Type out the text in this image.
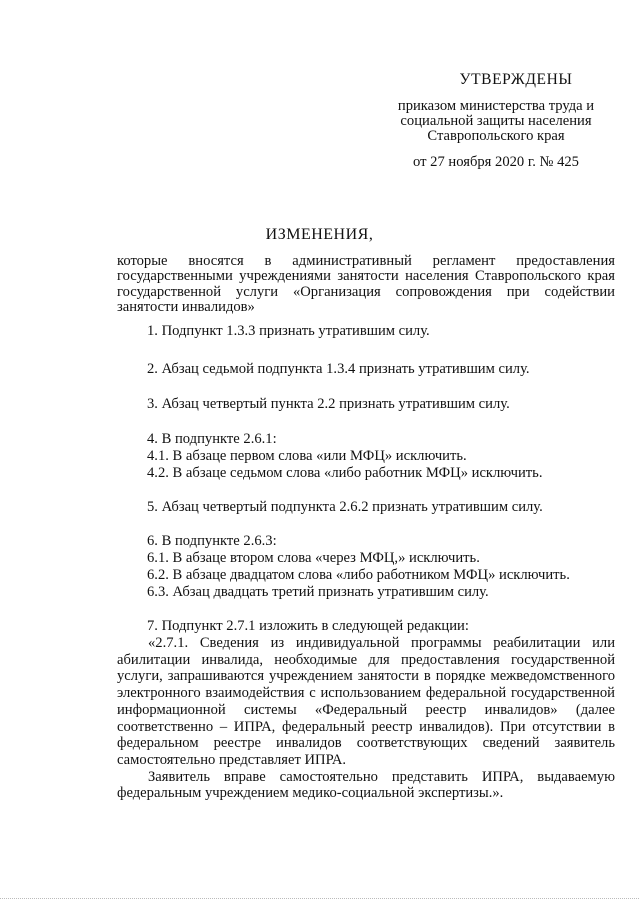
УТВЕРЖДЕНЫ
приказом министерства труда и
социальной защиты населения
Ставропольского края
от 27 ноября 2020 г. № 425
ИЗМЕНЕНИЯ,
которые вносятся в административный регламент предоставления государственными учреждениями занятости населения Ставропольского края государственной услуги «Организация сопровождения при содействии занятости инвалидов»
1. Подпункт 1.3.3 признать утратившим силу.
2. Абзац седьмой подпункта 1.3.4 признать утратившим силу.
3. Абзац четвертый пункта 2.2 признать утратившим силу.
4. В подпункте 2.6.1:
4.1. В абзаце первом слова «или МФЦ» исключить.
4.2. В абзаце седьмом слова «либо работник МФЦ» исключить.
5. Абзац четвертый подпункта 2.6.2 признать утратившим силу.
6. В подпункте 2.6.3:
6.1. В абзаце втором слова «через МФЦ,» исключить.
6.2. В абзаце двадцатом слова «либо работником МФЦ» исключить.
6.3. Абзац двадцать третий признать утратившим силу.
7. Подпункт 2.7.1 изложить в следующей редакции:

«2.7.1. Сведения из индивидуальной программы реабилитации или абилитации инвалида, необходимые для предоставления государственной услуги, запрашиваются учреждением занятости в порядке межведомственного электронного взаимодействия с использованием федеральной государственной информационной системы «Федеральный реестр инвалидов» (далее соответственно – ИПРА, федеральный реестр инвалидов). При отсутствии в федеральном реестре инвалидов соответствующих сведений заявитель самостоятельно представляет ИПРА.

Заявитель вправе самостоятельно представить ИПРА, выдаваемую федеральным учреждением медико-социальной экспертизы.».
